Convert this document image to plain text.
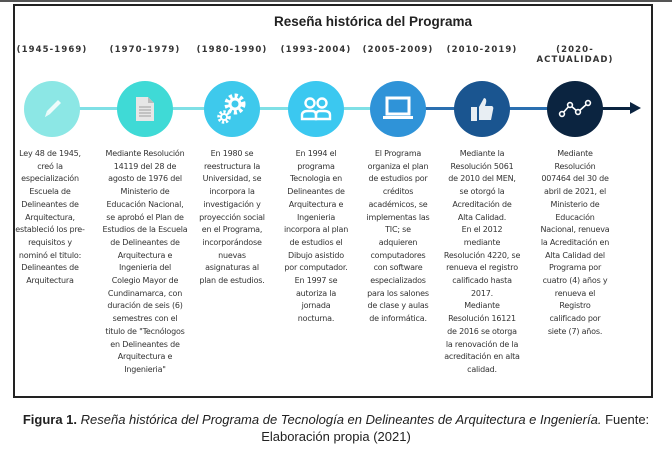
Reseña histórica del Programa
(1945-1969)
Ley 48 de 1945,
creó la
especialización
Escuela de
Delineantes de
Arquitectura,
estableció los pre-
requisitos y
nominó el titulo:
Delineantes de
Arquitectura
(1970-1979)
Mediante Resolución
14119 del 28 de
agosto de 1976 del
Ministerio de
Educación Nacional,
se aprobó el Plan de
Estudios de la Escuela
de Delineantes de
Arquitectura e
Ingenieria del
Colegio Mayor de
Cundinamarca, con
duración de seis (6)
semestres con el
titulo de "Tecnólogos
en Delineantes de
Arquitectura e
Ingenieria"
(1980-1990)
En 1980 se
reestructura la
Universidad, se
incorpora la
investigación y
proyección social
en el Programa,
incorporándose
nuevas
asignaturas al
plan de estudios.
(1993-2004)
En 1994 el
programa
Tecnologia en
Delineantes de
Arquitectura e
Ingenieria
incorpora al plan
de estudios el
Dibujo asistido
por computador.
En 1997 se
autoriza la
jornada
nocturna.
(2005-2009)
El Programa
organiza el plan
de estudios por
créditos
académicos, se
implementas las
TIC; se
adquieren
computadores
con software
especializados
para los salones
de clase y aulas
de informática.
(2010-2019)
Mediante la
Resolución 5061
de 2010 del MEN,
se otorgó la
Acreditación de
Alta Calidad.
En el 2012
mediante
Resolución 4220, se
renueva el registro
calificado hasta
2017.
Mediante
Resolución 16121
de 2016 se otorga
la renovación de la
acreditación en alta
calidad.
(2020-ACTUALIDAD)
Mediante
Resolución
007464 del 30 de
abril de 2021, el
Ministerio de
Educación
Nacional, renueva
la Acreditación en
Alta Calidad del
Programa por
cuatro (4) años y
renueva el
Registro
calificado por
siete (7) años.
Figura 1. Reseña histórica del Programa de Tecnología en Delineantes de Arquitectura e Ingeniería. Fuente: Elaboración propia (2021)
